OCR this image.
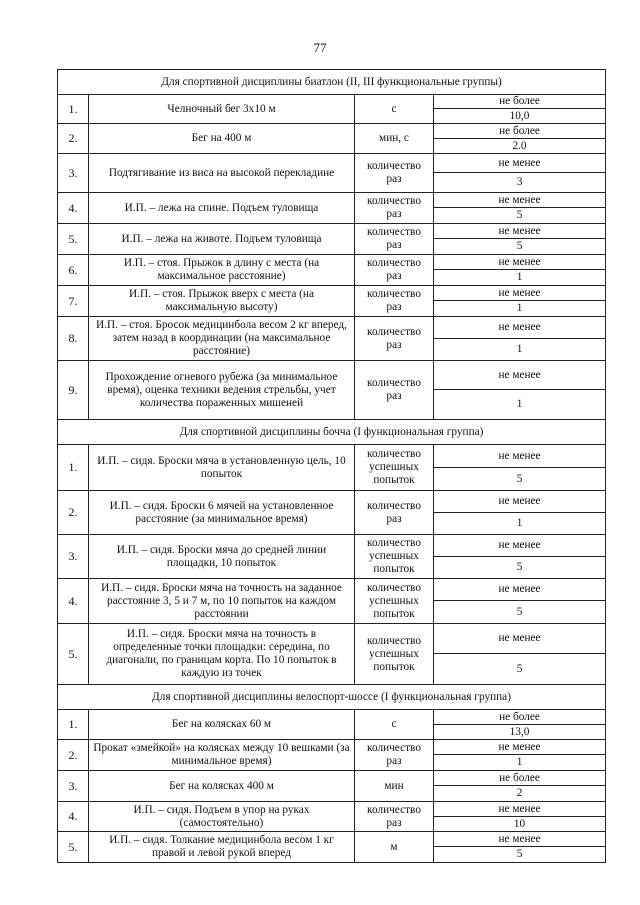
77
Для спортивной дисциплины биатлон (II, III функциональные группы)			
1.	Челночный бег 3х10 м	с	не более
			10,0
2.	Бег на 400 м	мин, с	не более
			2.0
3.	Подтягивание из виса на высокой перекладине	количество раз	не менее
			3
4.	И.П. – лежа на спине. Подъем туловища	количество раз	не менее
			5
5.	И.П. – лежа на животе. Подъем туловища	количество раз	не менее
			5
6.	И.П. – стоя. Прыжок в длину с места (на максимальное расстояние)	количество раз	не менее
			1
7.	И.П. – стоя. Прыжок вверх с места (на максимальную высоту)	количество раз	не менее
			1
8.	И.П. – стоя. Бросок медицинбола весом 2 кг вперед, затем назад в координации (на максимальное расстояние)	количество раз	не менее
			1
9.	Прохождение огневого рубежа (за минимальное время), оценка техники ведения стрельбы, учет количества пораженных мишеней	количество раз	не менее
			1
Для спортивной дисциплины бочча (I функциональная группа)			
1.	И.П. – сидя. Броски мяча в установленную цель, 10 попыток	количество успешных попыток	не менее
			5
2.	И.П. – сидя. Броски 6 мячей на установленное расстояние (за минимальное время)	количество раз	не менее
			1
3.	И.П. – сидя. Броски мяча до средней линии площадки, 10 попыток	количество успешных попыток	не менее
			5
4.	И.П. – сидя. Броски мяча на точность на заданное расстояние 3, 5 и 7 м, по 10 попыток на каждом расстоянии	количество успешных попыток	не менее
			5
5.	И.П. – сидя. Броски мяча на точность в определенные точки площадки: середина, по диагонали, по границам корта. По 10 попыток в каждую из точек	количество успешных попыток	не менее
			5
Для спортивной дисциплины велоспорт-шоссе (I функциональная группа)			
1.	Бег на колясках 60 м	с	не более
			13,0
2.	Прокат «змейкой» на колясках между 10 вешками (за минимальное время)	количество раз	не менее
			1
3.	Бег на колясках 400 м	мин	не более
			2
4.	И.П. – сидя. Подъем в упор на руках (самостоятельно)	количество раз	не менее
			10
5.	И.П. – сидя. Толкание медицинбола весом 1 кг правой и левой рукой вперед	м	не менее
			5
